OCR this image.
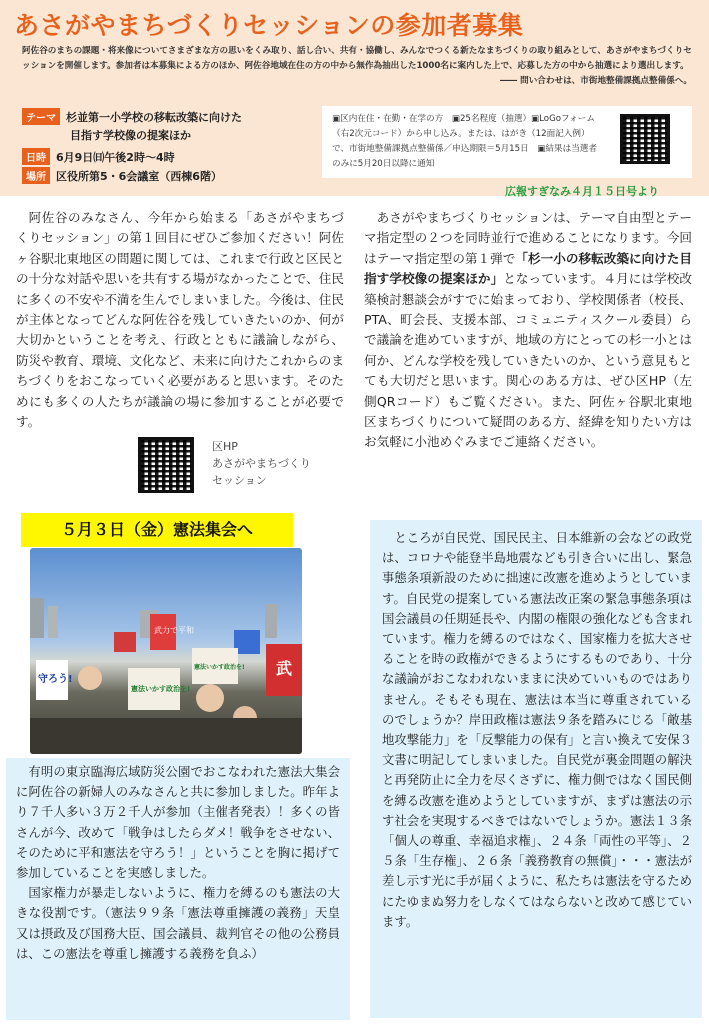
あさがやまちづくりセッションの参加者募集
阿佐谷のまちの課題・将来像についてさまざまな方の思いをくみ取り、話し合い、共有・協働し、みんなでつくる新たなまちづくりの取り組みとして、あさがやまちづくりセッションを開催します。参加者は本募集による方のほか、阿佐谷地域在住の方の中から無作為抽出した1000名に案内した上で、応募した方の中から抽選により選出します。
―― 問い合わせは、市街地整備課拠点整備係へ。
テーマ 杉並第一小学校の移転改築に向けた
目指す学校像の提案ほか
日時 6月9日㈰午後2時～4時
場所 区役所第5・6会議室（西棟6階）
▣区内在住・在勤・在学の方　▣25名程度（抽選）▣LoGoフォーム（右2次元コード）から申し込み。または、はがき（12面記入例）で、市街地整備課拠点整備係／申込期限＝5月15日　▣結果は当選者のみに5月20日以降に通知
広報すぎなみ４月１５日号より

阿佐谷のみなさん、今年から始まる「あさがやまちづくりセッション」の第１回目にぜひご参加ください！阿佐ヶ谷駅北東地区の問題に関しては、これまで行政と区民との十分な対話や思いを共有する場がなかったことで、住民に多くの不安や不満を生んでしまいました。今後は、住民が主体となってどんな阿佐谷を残していきたいのか、何が大切かということを考え、行政とともに議論しながら、防災や教育、環境、文化など、未来に向けたこれからのまちづくりをおこなっていく必要があると思います。そのためにも多くの人たちが議論の場に参加することが必要です。

区HP
あさがやまちづくり
セッション

あさがやまちづくりセッションは、テーマ自由型とテーマ指定型の２つを同時並行で進めることになります。今回はテーマ指定型の第１弾で「杉一小の移転改築に向けた目指す学校像の提案ほか」となっています。４月には学校改築検討懇談会がすでに始まっており、学校関係者（校長、PTA、町会長、支援本部、コミュニティスクール委員）らで議論を進めていますが、地域の方にとっての杉一小とは何か、どんな学校を残していきたいのか、という意見もとても大切だと思います。関心のある方は、ぜひ区HP（左側QRコード）もご覧ください。また、阿佐ヶ谷駅北東地区まちづくりについて疑問のある方、経緯を知りたい方はお気軽に小池めぐみまでご連絡ください。

５月３日（金）憲法集会へ
武力で平和
守ろう!
憲法いかす政治を!
憲法いかす政治を! 武

有明の東京臨海広域防災公園でおこなわれた憲法大集会に阿佐谷の新婦人のみなさんと共に参加しました。昨年より７千人多い３万２千人が参加（主催者発表）！多くの皆さんが今、改めて「戦争はしたらダメ！戦争をさせない、そのために平和憲法を守ろう！」ということを胸に掲げて参加していることを実感しました。

国家権力が暴走しないように、権力を縛るのも憲法の大きな役割です。（憲法９９条「憲法尊重擁護の義務」天皇又は摂政及び国務大臣、国会議員、裁判官その他の公務員は、この憲法を尊重し擁護する義務を負ふ）

ところが自民党、国民民主、日本維新の会などの政党は、コロナや能登半島地震なども引き合いに出し、緊急事態条項新設のために拙速に改憲を進めようとしています。自民党の提案している憲法改正案の緊急事態条項は国会議員の任期延長や、内閣の権限の強化なども含まれています。権力を縛るのではなく、国家権力を拡大させることを時の政権ができるようにするものであり、十分な議論がおこなわれないままに決めていいものではありません。そもそも現在、憲法は本当に尊重されているのでしょうか？岸田政権は憲法９条を踏みにじる「敵基地攻撃能力」を「反撃能力の保有」と言い換えて安保３文書に明記してしまいました。自民党が裏金問題の解決と再発防止に全力を尽くさずに、権力側ではなく国民側を縛る改憲を進めようとしていますが、まずは憲法の示す社会を実現するべきではないでしょうか。憲法１３条「個人の尊重、幸福追求権」、２４条「両性の平等」、２５条「生存権」、２６条「義務教育の無償」・・・憲法が差し示す光に手が届くように、私たちは憲法を守るためにたゆまぬ努力をしなくてはならないと改めて感じています。
